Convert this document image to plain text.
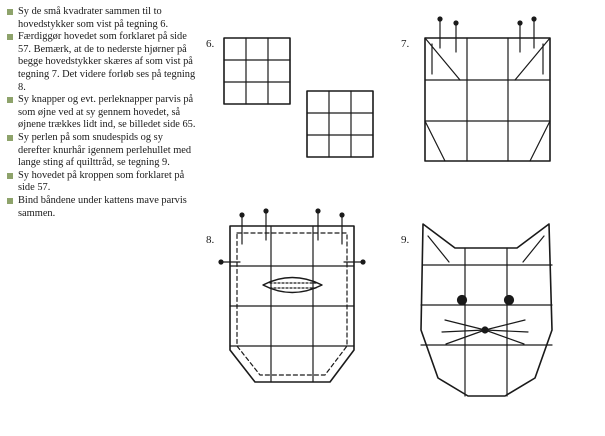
Sy de små kvadrater sammen til to hovedstykker som vist på tegning 6.
Færdiggør hovedet som forklaret på side 57. Bemærk, at de to nederste hjørner på begge hovedstykker skæres af som vist på tegning 7. Det videre forløb ses på tegning 8.
Sy knapper og evt. perleknapper parvis på som øjne ved at sy gennem hovedet, så øjnene trækkes lidt ind, se billedet side 65.
Sy perlen på som snudespids og sy derefter knurhår igennem perlehullet med lange sting af quilttråd, se tegning 9.
Sy hovedet på kroppen som forklaret på side 57.
Bind båndene under kattens mave parvis sammen.
6.	7.
8.	9.
